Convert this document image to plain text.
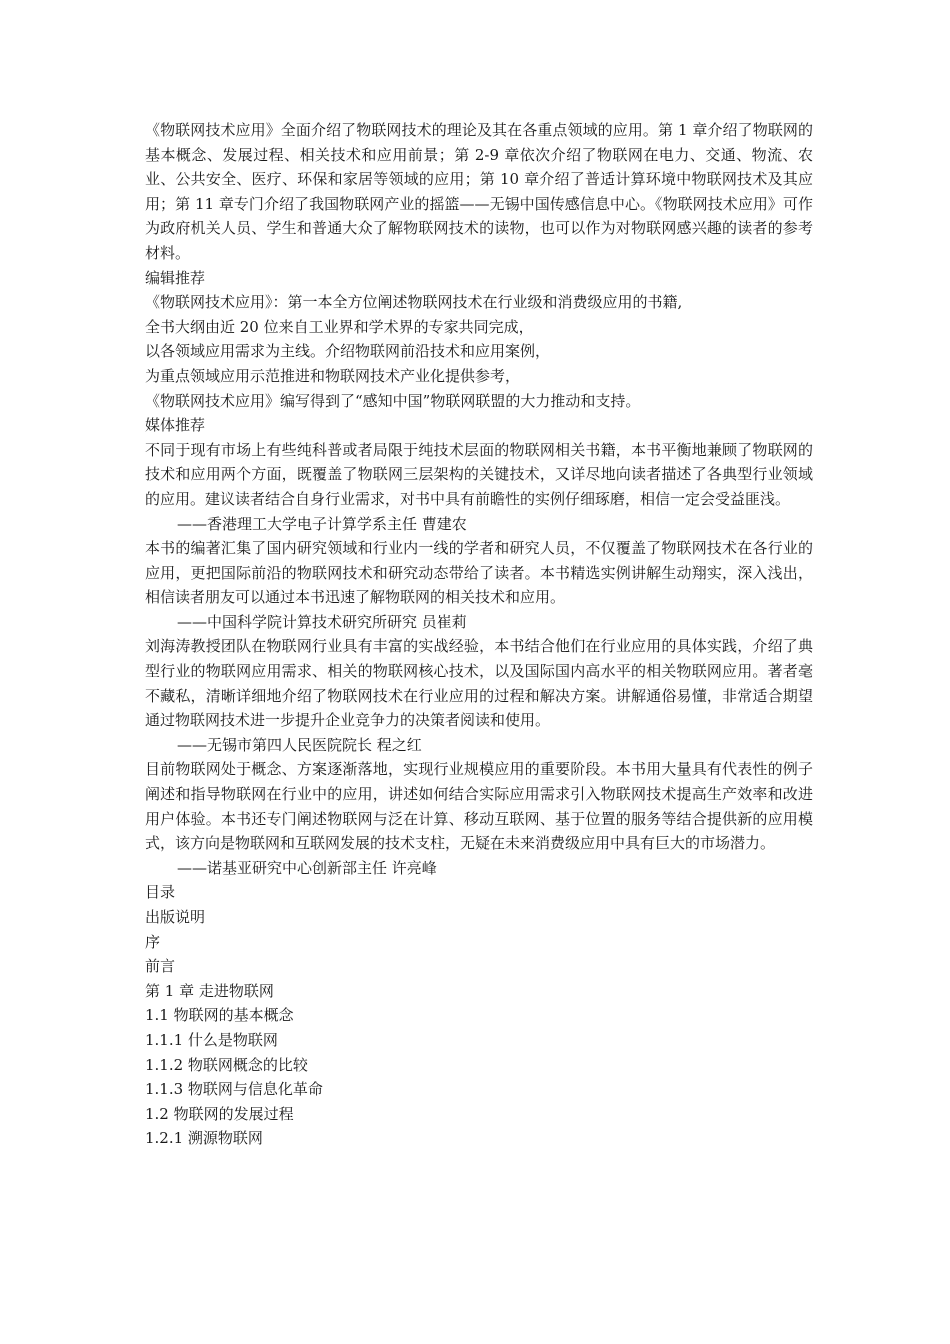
《物联网技术应用》全面介绍了物联网技术的理论及其在各重点领域的应用。第 1 章介绍了物联网的基本概念、发展过程、相关技术和应用前景；第 2-9 章依次介绍了物联网在电力、交通、物流、农业、公共安全、医疗、环保和家居等领域的应用；第 10 章介绍了普适计算环境中物联网技术及其应用；第 11 章专门介绍了我国物联网产业的摇篮——无锡中国传感信息中心。《物联网技术应用》可作为政府机关人员、学生和普通大众了解物联网技术的读物，也可以作为对物联网感兴趣的读者的参考材料。
编辑推荐
《物联网技术应用》：第一本全方位阐述物联网技术在行业级和消费级应用的书籍,
全书大纲由近 20 位来自工业界和学术界的专家共同完成，
以各领域应用需求为主线。介绍物联网前沿技术和应用案例，
为重点领域应用示范推进和物联网技术产业化提供参考，
《物联网技术应用》编写得到了“感知中国”物联网联盟的大力推动和支持。
媒体推荐
不同于现有市场上有些纯科普或者局限于纯技术层面的物联网相关书籍，本书平衡地兼顾了物联网的技术和应用两个方面，既覆盖了物联网三层架构的关键技术，又详尽地向读者描述了各典型行业领域的应用。建议读者结合自身行业需求，对书中具有前瞻性的实例仔细琢磨，相信一定会受益匪浅。
——香港理工大学电子计算学系主任 曹建农
本书的编著汇集了国内研究领域和行业内一线的学者和研究人员，不仅覆盖了物联网技术在各行业的应用，更把国际前沿的物联网技术和研究动态带给了读者。本书精选实例讲解生动翔实，深入浅出，相信读者朋友可以通过本书迅速了解物联网的相关技术和应用。
——中国科学院计算技术研究所研究 员崔莉
刘海涛教授团队在物联网行业具有丰富的实战经验，本书结合他们在行业应用的具体实践，介绍了典型行业的物联网应用需求、相关的物联网核心技术，以及国际国内高水平的相关物联网应用。著者毫不藏私，清晰详细地介绍了物联网技术在行业应用的过程和解决方案。讲解通俗易懂，非常适合期望通过物联网技术进一步提升企业竞争力的决策者阅读和使用。
——无锡市第四人民医院院长 程之红
目前物联网处于概念、方案逐渐落地，实现行业规模应用的重要阶段。本书用大量具有代表性的例子阐述和指导物联网在行业中的应用，讲述如何结合实际应用需求引入物联网技术提高生产效率和改进用户体验。本书还专门阐述物联网与泛在计算、移动互联网、基于位置的服务等结合提供新的应用模式，该方向是物联网和互联网发展的技术支柱，无疑在未来消费级应用中具有巨大的市场潜力。
——诺基亚研究中心创新部主任 许亮峰
目录
出版说明
序
前言
第 1 章 走进物联网
1.1 物联网的基本概念
1.1.1 什么是物联网
1.1.2 物联网概念的比较
1.1.3 物联网与信息化革命
1.2 物联网的发展过程
1.2.1 溯源物联网
